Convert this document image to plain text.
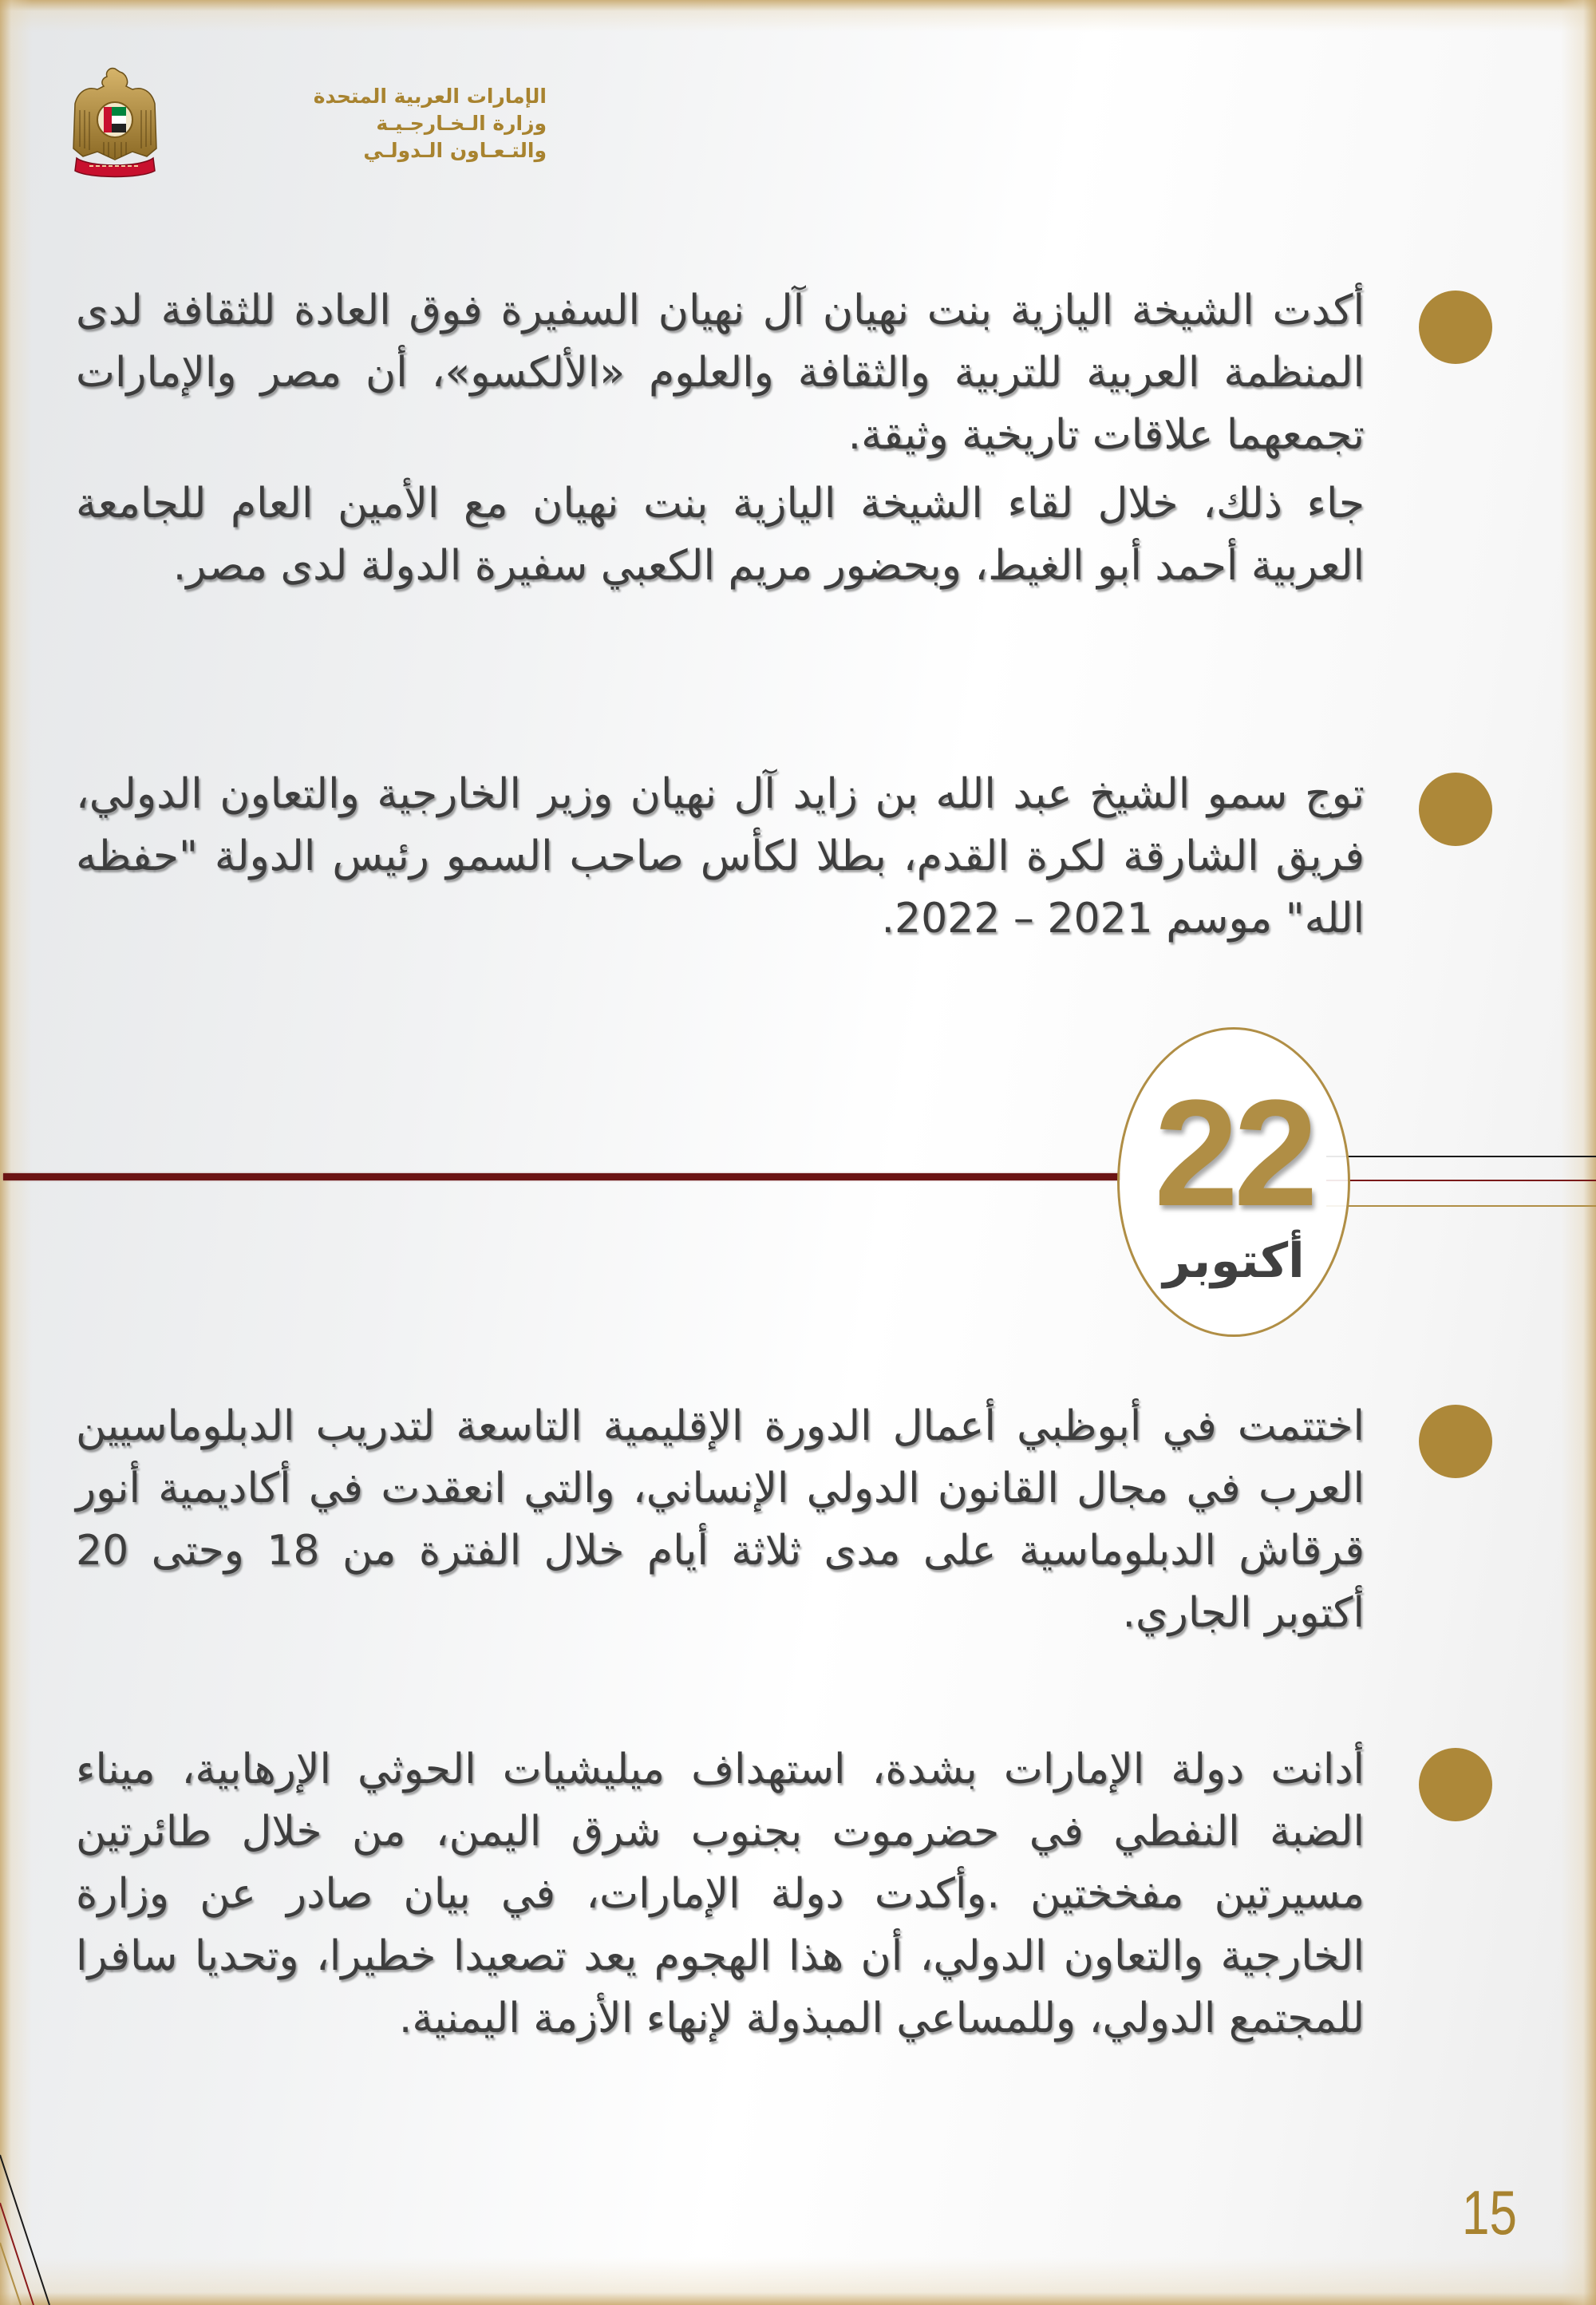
الإمارات العربية المتحدة
وزارة الـخـارجـيـة
والتـعـاون الـدولـي

أكدت الشيخة اليازية بنت نهيان آل نهيان السفيرة فوق العادة للثقافة لدى المنظمة العربية للتربية والثقافة والعلوم «الألكسو»، أن مصر والإمارات تجمعهما علاقات تاريخية وثيقة.

جاء ذلك، خلال لقاء الشيخة اليازية بنت نهيان مع الأمين العام للجامعة العربية أحمد أبو الغيط، وبحضور مريم الكعبي سفيرة الدولة لدى مصر.

توج سمو الشيخ عبد الله بن زايد آل نهيان وزير الخارجية والتعاون الدولي، فريق الشارقة لكرة القدم، بطلا لكأس صاحب السمو رئيس الدولة "حفظه الله" موسم 2021 – 2022.

22
أكتوبر

اختتمت في أبوظبي أعمال الدورة الإقليمية التاسعة لتدريب الدبلوماسيين العرب في مجال القانون الدولي الإنساني، والتي انعقدت في أكاديمية أنور قرقاش الدبلوماسية على مدى ثلاثة أيام خلال الفترة من 18 وحتى 20 أكتوبر الجاري.

أدانت دولة الإمارات بشدة، استهداف ميليشيات الحوثي الإرهابية، ميناء الضبة النفطي في حضرموت بجنوب شرق اليمن، من خلال طائرتين مسيرتين مفخختين .وأكدت دولة الإمارات، في بيان صادر عن وزارة الخارجية والتعاون الدولي، أن هذا الهجوم يعد تصعيدا خطيرا، وتحديا سافرا للمجتمع الدولي، وللمساعي المبذولة لإنهاء الأزمة اليمنية.

15
